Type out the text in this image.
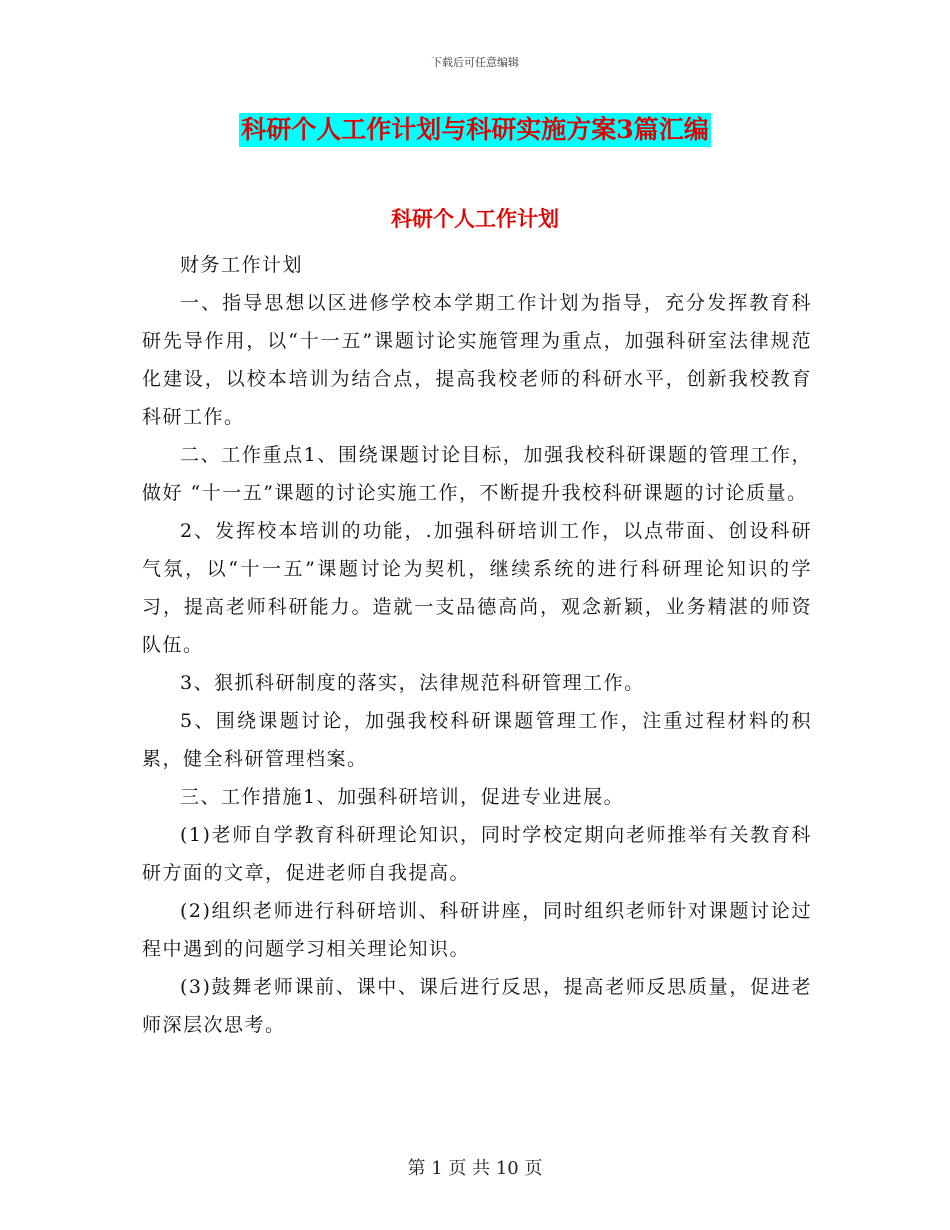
下载后可任意编辑
科研个人工作计划与科研实施方案3篇汇编
科研个人工作计划

财务工作计划

一、指导思想以区进修学校本学期工作计划为指导，充分发挥教育科研先导作用，以“十一五”课题讨论实施管理为重点，加强科研室法律规范化建设，以校本培训为结合点，提高我校老师的科研水平，创新我校教育科研工作。

二、工作重点1、围绕课题讨论目标，加强我校科研课题的管理工作，做好 “十一五”课题的讨论实施工作，不断提升我校科研课题的讨论质量。

2、发挥校本培训的功能，.加强科研培训工作，以点带面、创设科研气氛，以“十一五”课题讨论为契机，继续系统的进行科研理论知识的学习，提高老师科研能力。造就一支品德高尚，观念新颖，业务精湛的师资队伍。

3、狠抓科研制度的落实，法律规范科研管理工作。

5、围绕课题讨论，加强我校科研课题管理工作，注重过程材料的积累，健全科研管理档案。

三、工作措施1、加强科研培训，促进专业进展。

(1)老师自学教育科研理论知识，同时学校定期向老师推举有关教育科研方面的文章，促进老师自我提高。

(2)组织老师进行科研培训、科研讲座，同时组织老师针对课题讨论过程中遇到的问题学习相关理论知识。

(3)鼓舞老师课前、课中、课后进行反思，提高老师反思质量，促进老师深层次思考。

第 1 页 共 10 页
